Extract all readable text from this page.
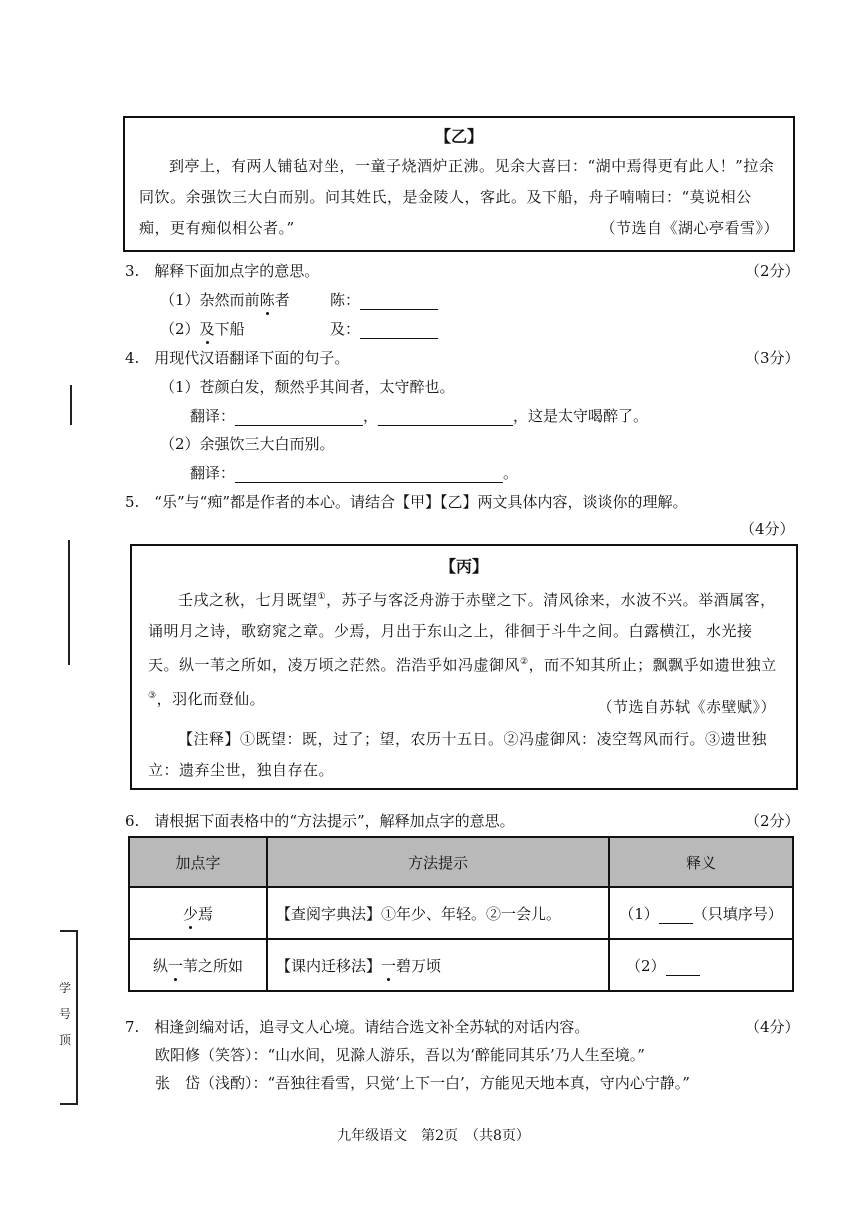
【乙】
到亭上，有两人铺毡对坐，一童子烧酒炉正沸。见余大喜曰：“湖中焉得更有此人！”拉余同饮。余强饮三大白而别。问其姓氏，是金陵人，客此。及下船，舟子喃喃曰：“莫说相公痴，更有痴似相公者。”	（节选自《湖心亭看雪》）
3.　解释下面加点字的意思。	（2分）
（1）杂然而前陈者	陈：
（2）及下船	及：
4.　用现代汉语翻译下面的句子。	（3分）
（1）苍颜白发，颓然乎其间者，太守醉也。
翻译：	，	，这是太守喝醉了。
（2）余强饮三大白而别。
翻译：	。
5.　“乐”与“痴”都是作者的本心。请结合【甲】【乙】两文具体内容，谈谈你的理解。
（4分）
【丙】
壬戌之秋，七月既望①，苏子与客泛舟游于赤壁之下。清风徐来，水波不兴。举酒属客，诵明月之诗，歌窈窕之章。少焉，月出于东山之上，徘徊于斗牛之间。白露横江，水光接天。纵一苇之所如，凌万顷之茫然。浩浩乎如冯虚御风②，而不知其所止；飘飘乎如遗世独立③，羽化而登仙。	（节选自苏轼《赤壁赋》）
【注释】①既望：既，过了；望，农历十五日。②冯虚御风：凌空驾风而行。③遗世独立：遗弃尘世，独自存在。
6.　请根据下面表格中的“方法提示”，解释加点字的意思。	（2分）
加点字	方法提示	释义
少焉	【查阅字典法】①年少、年轻。②一会儿。	（1） （只填序号）
纵一苇之所如	【课内迁移法】一碧万顷	（2）
7.　相逢剑编对话，追寻文人心境。请结合选文补全苏轼的对话内容。	（4分）
欧阳修（笑答）：“山水间，见滁人游乐，吾以为‘醉能同其乐’乃人生至境。”
张　岱（浅酌）：“吾独往看雪，只觉‘上下一白’，方能见天地本真，守内心宁静。”
学 号 顶
九年级语文　第2页　（共8页）
